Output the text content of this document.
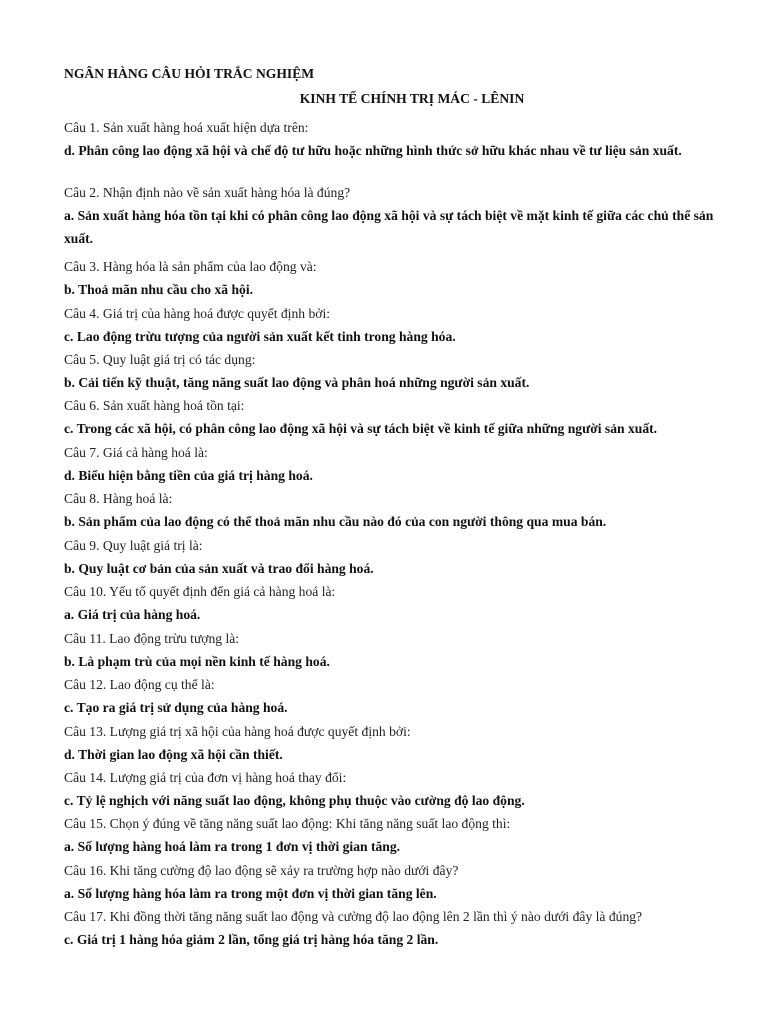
NGÂN HÀNG CÂU HỎI TRẮC NGHIỆM
KINH TẾ CHÍNH TRỊ MÁC - LÊNIN
Câu 1. Sản xuất hàng hoá xuất hiện dựa trên:
d. Phân công lao động xã hội và chế độ tư hữu hoặc những hình thức sở hữu khác nhau về tư liệu sản xuất.
Câu 2. Nhận định nào về sản xuất hàng hóa là đúng?
a. Sản xuất hàng hóa tồn tại khi có phân công lao động xã hội và sự tách biệt về mặt kinh tế giữa các chủ thể sản xuất.
Câu 3. Hàng hóa là sản phẩm của lao động và:
b. Thoả mãn nhu cầu cho xã hội.
Câu 4. Giá trị của hàng hoá được quyết định bởi:
c. Lao động trừu tượng của người sản xuất kết tinh trong hàng hóa.
Câu 5. Quy luật giá trị có tác dụng:
b. Cải tiến kỹ thuật, tăng năng suất lao động và phân hoá những người sản xuất.
Câu 6. Sản xuất hàng hoá tồn tại:
c. Trong các xã hội, có phân công lao động xã hội và sự tách biệt về kinh tế giữa những người sản xuất.
Câu 7. Giá cả hàng hoá là:
d. Biểu hiện bằng tiền của giá trị hàng hoá.
Câu 8. Hàng hoá là:
b. Sản phẩm của lao động có thể thoả mãn nhu cầu nào đó của con người thông qua mua bán.
Câu 9. Quy luật giá trị là:
b. Quy luật cơ bản của sản xuất và trao đổi hàng hoá.
Câu 10. Yếu tố quyết định đến giá cả hàng hoá là:
a. Giá trị của hàng hoá.
Câu 11. Lao động trừu tượng là:
b. Là phạm trù của mọi nền kinh tế hàng hoá.
Câu 12. Lao động cụ thể là:
c. Tạo ra giá trị sử dụng của hàng hoá.
Câu 13. Lượng giá trị xã hội của hàng hoá được quyết định bởi:
d. Thời gian lao động xã hội cần thiết.
Câu 14. Lượng giá trị của đơn vị hàng hoá thay đổi:
c. Tỷ lệ nghịch với năng suất lao động, không phụ thuộc vào cường độ lao động.
Câu 15. Chọn ý đúng về tăng năng suất lao động: Khi tăng năng suất lao động thì:
a. Số lượng hàng hoá làm ra trong 1 đơn vị thời gian tăng.
Câu 16. Khi tăng cường độ lao động sẽ xảy ra trường hợp nào dưới đây?
a. Số lượng hàng hóa làm ra trong một đơn vị thời gian tăng lên.
Câu 17. Khi đồng thời tăng năng suất lao động và cường độ lao động lên 2 lần thì ý nào dưới đây là đúng?
c. Giá trị 1 hàng hóa giảm 2 lần, tổng giá trị hàng hóa tăng 2 lần.
